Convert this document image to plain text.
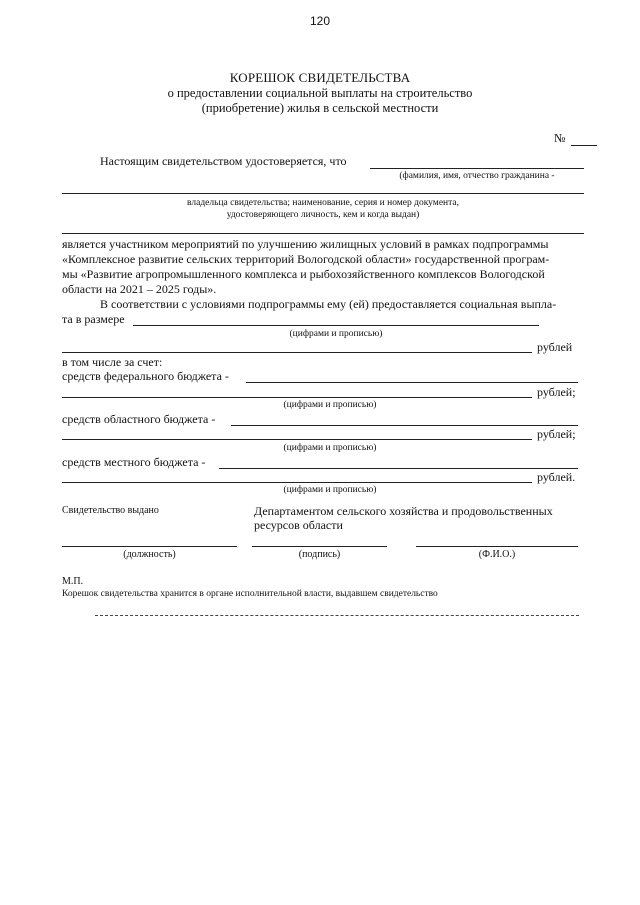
120
КОРЕШОК СВИДЕТЕЛЬСТВА
о предоставлении социальной выплаты на строительство
(приобретение) жилья в сельской местности
№
Настоящим свидетельством удостоверяется, что
(фамилия, имя, отчество гражданина -
владельца свидетельства; наименование, серия и номер документа,
удостоверяющего личность, кем и когда выдан)
является участником мероприятий по улучшению жилищных условий в рамках подпрограммы
«Комплексное развитие сельских территорий Вологодской области» государственной програм-
мы «Развитие агропромышленного комплекса и рыбохозяйственного комплексов Вологодской
области на 2021 – 2025 годы».
В соответствии с условиями подпрограммы ему (ей) предоставляется социальная выпла-
та в размере
(цифрами и прописью)
рублей
в том числе за счет:
средств федерального бюджета -
рублей;
(цифрами и прописью)
средств областного бюджета -
рублей;
(цифрами и прописью)
средств местного бюджета -
рублей.
(цифрами и прописью)
Свидетельство выдано	Департаментом сельского хозяйства и продовольственных
ресурсов области
(должность)	(подпись)	(Ф.И.О.)
М.П.
Корешок свидетельства хранится в органе исполнительной власти, выдавшем свидетельство
